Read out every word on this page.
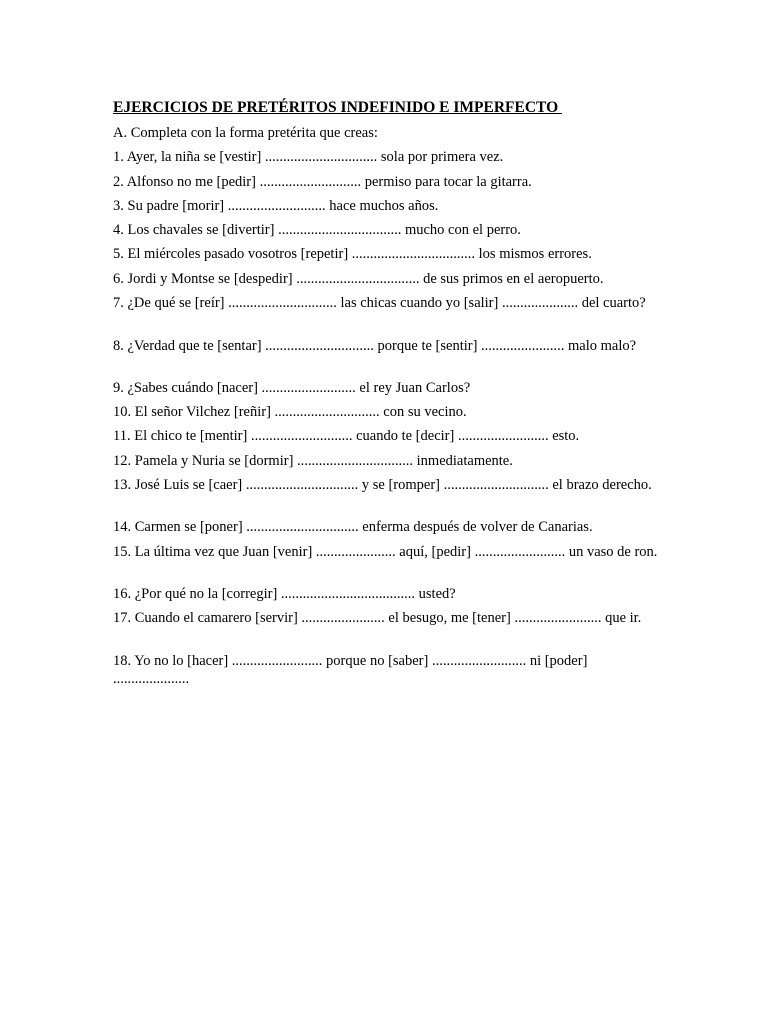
EJERCICIOS DE PRETÉRITOS INDEFINIDO E IMPERFECTO

A. Completa con la forma pretérita que creas:

1. Ayer, la niña se [vestir] ............................... sola por primera vez.

2. Alfonso no me [pedir] ............................ permiso para tocar la gitarra.

3. Su padre [morir] ........................... hace muchos años.

4. Los chavales se [divertir] .................................. mucho con el perro.

5. El miércoles pasado vosotros [repetir] .................................. los mismos errores.

6. Jordi y Montse se [despedir] .................................. de sus primos en el aeropuerto.

7. ¿De qué se [reír] .............................. las chicas cuando yo [salir] ..................... del cuarto?

8. ¿Verdad que te [sentar] .............................. porque te [sentir] ....................... malo malo?

9. ¿Sabes cuándo [nacer] .......................... el rey Juan Carlos?

10. El señor Vilchez [reñir] ............................. con su vecino.

11. El chico te [mentir] ............................ cuando te [decir] ......................... esto.

12. Pamela y Nuria se [dormir] ................................ inmediatamente.

13. José Luis se [caer] ............................... y se [romper] ............................. el brazo derecho.

14. Carmen se [poner] ............................... enferma después de volver de Canarias.

15. La última vez que Juan [venir] ...................... aquí, [pedir] ......................... un vaso de ron.

16. ¿Por qué no la [corregir] ..................................... usted?

17. Cuando el camarero [servir] ....................... el besugo, me [tener] ........................ que ir.

18. Yo no lo [hacer] ......................... porque no [saber] .......................... ni [poder] .....................
